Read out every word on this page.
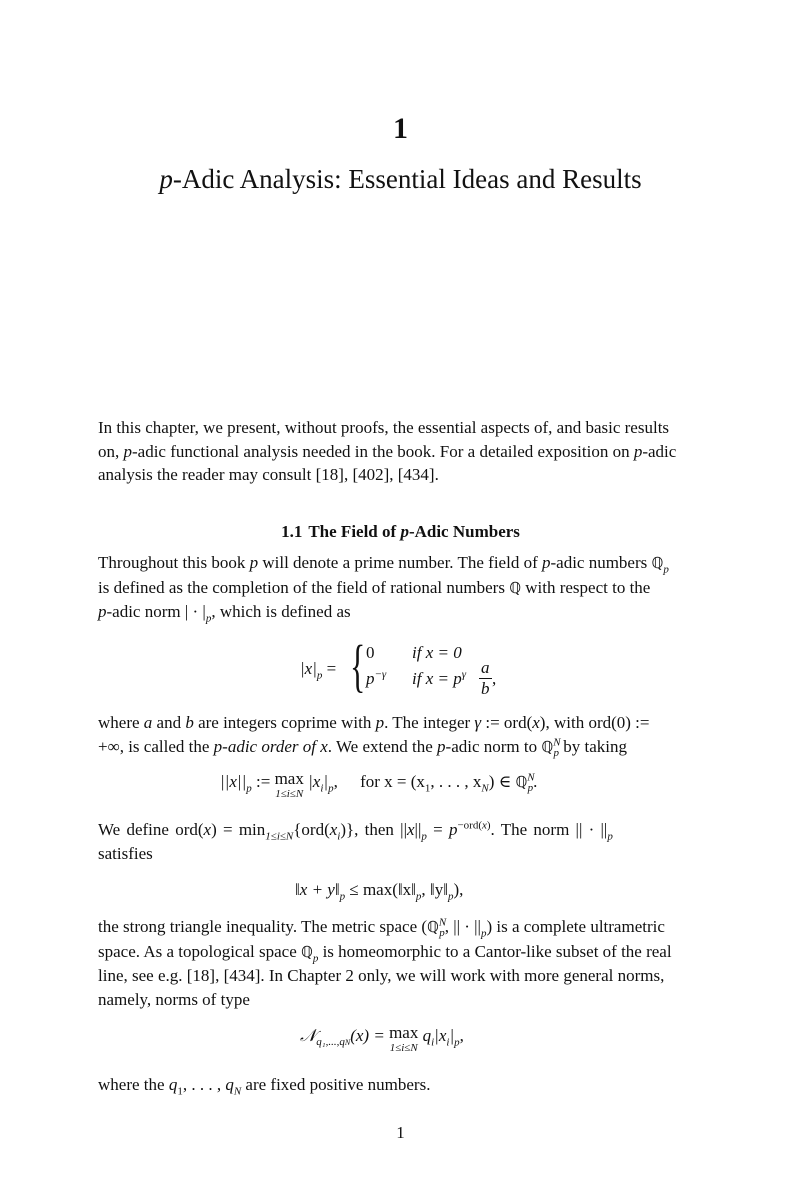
1
p-Adic Analysis: Essential Ideas and Results
In this chapter, we present, without proofs, the essential aspects of, and basic results
on, p-adic functional analysis needed in the book. For a detailed exposition on p-adic
analysis the reader may consult [18], [402], [434].
1.1 The Field of p-Adic Numbers
Throughout this book p will denote a prime number. The field of p-adic numbers ℚ$_p$
is defined as the completion of the field of rational numbers ℚ with respect to the
p-adic norm | · $|_p$, which is defined as
$|x|_p$ = { 0 if x = 0
$p^{-\gamma}$ if $x = p^\gamma \frac{a}{b}$ ,
where a and b are integers coprime with p. The integer γ := ord(x), with ord(0) :=
+∞, is called the p-adic order of x. We extend the p-adic norm to ℚ$^N_p$ by taking
$||x||_p$ := max
1≤i≤N
$|x_i|_p$, for $x = (x_1$, . . . , $x_N$) ∈ ℚ$^N_p$.
We define $ord(x) = \min_{1\le i\le N}\{ord(x_i)\}$, then $||x||_p = p^{-ord(x)}$. The norm || · $||_p$
satisfies
‖x + $y‖_p$ ≤ $\max(‖x‖_p$, $‖y‖_p$),
the strong triangle inequality. The metric space (ℚ$^N_p$, || · $||_p$) is a complete ultrametric
space. As a topological space ℚ$_p$ is homeomorphic to a Cantor-like subset of the real
line, see e.g. [18], [434]. In Chapter 2 only, we will work with more general norms,
namely, norms of type
𝒩$_{q_1,...,qN}$(x) = max
1≤i≤N
$q_i|x_i|_p$,
where the $q_1$, . . . , $q_N$ are fixed positive numbers.
1
